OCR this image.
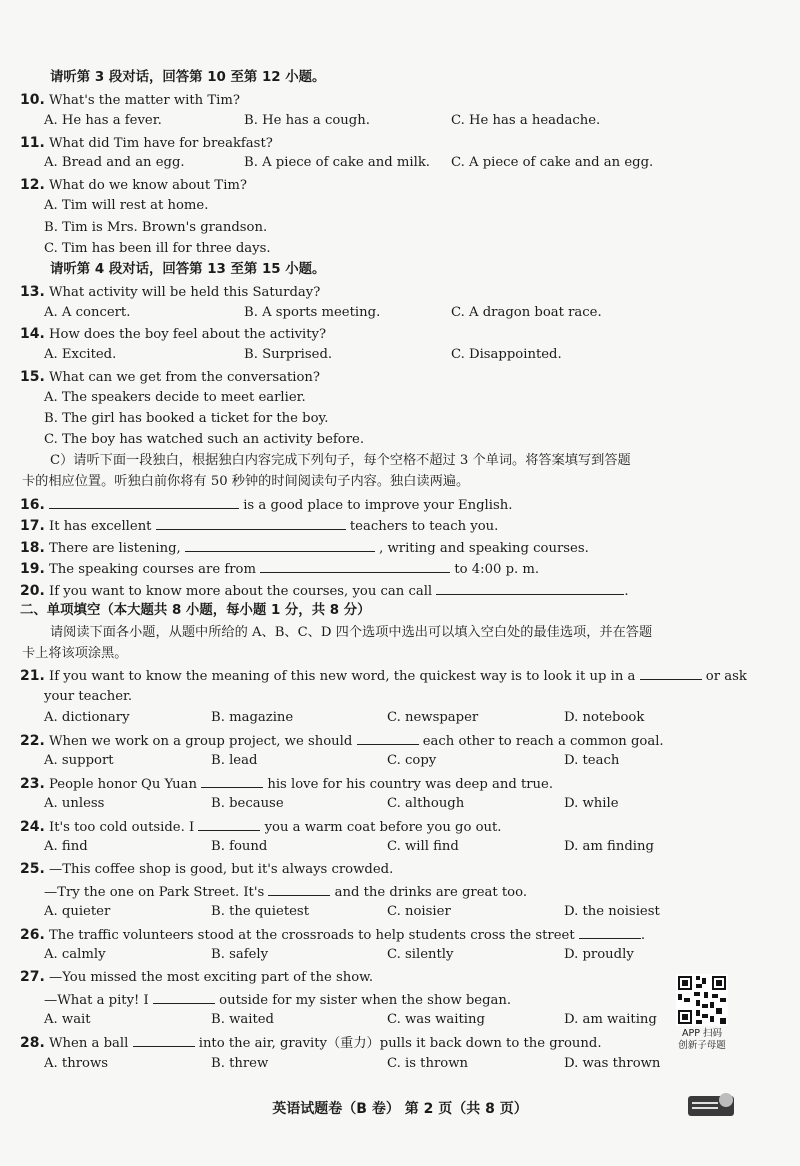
请听第 3 段对话，回答第 10 至第 12 小题。
10. What's the matter with Tim?
A. He has a fever.	B. He has a cough.	C. He has a headache.
11. What did Tim have for breakfast?
A. Bread and an egg.	B. A piece of cake and milk. C. A piece of cake and an egg.
12. What do we know about Tim?
A. Tim will rest at home.
B. Tim is Mrs. Brown's grandson.
C. Tim has been ill for three days.
请听第 4 段对话，回答第 13 至第 15 小题。
13. What activity will be held this Saturday?
A. A concert.	B. A sports meeting.	C. A dragon boat race.
14. How does the boy feel about the activity?
A. Excited.	B. Surprised.	C. Disappointed.
15. What can we get from the conversation?
A. The speakers decide to meet earlier.
B. The girl has booked a ticket for the boy.
C. The boy has watched such an activity before.
C）请听下面一段独白，根据独白内容完成下列句子，每个空格不超过 3 个单词。将答案填写到答题
卡的相应位置。听独白前你将有 50 秒钟的时间阅读句子内容。独白读两遍。
16.	is a good place to improve your English.
17. It has excellent	teachers to teach you.
18. There are listening,	, writing and speaking courses.
19. The speaking courses are from	to 4:00 p. m.
20. If you want to know more about the courses, you can call	.
二、单项填空（本大题共 8 小题，每小题 1 分，共 8 分）
请阅读下面各小题，从题中所给的 A、B、C、D 四个选项中选出可以填入空白处的最佳选项，并在答题
卡上将该项涂黑。
21. If you want to know the meaning of this new word, the quickest way is to look it up in a	or ask
your teacher.
A. dictionary	B. magazine	C. newspaper	D. notebook
22. When we work on a group project, we should	each other to reach a common goal.
A. support	B. lead	C. copy	D. teach
23. People honor Qu Yuan	his love for his country was deep and true.
A. unless	B. because	C. although	D. while
24. It's too cold outside. I	you a warm coat before you go out.
A. find	B. found	C. will find	D. am finding
25. —This coffee shop is good, but it's always crowded.
—Try the one on Park Street. It's	and the drinks are great too.
A. quieter	B. the quietest	C. noisier	D. the noisiest
26. The traffic volunteers stood at the crossroads to help students cross the street	.
A. calmly	B. safely	C. silently	D. proudly
27. —You missed the most exciting part of the show.
—What a pity! I	outside for my sister when the show began.
A. wait	B. waited	C. was waiting	D. am waiting
28. When a ball	into the air, gravity（重力）pulls it back down to the ground.
A. throws	B. threw	C. is thrown	D. was thrown
APP 扫码
创新子母题
英语试题卷（B 卷） 第 2 页（共 8 页）
